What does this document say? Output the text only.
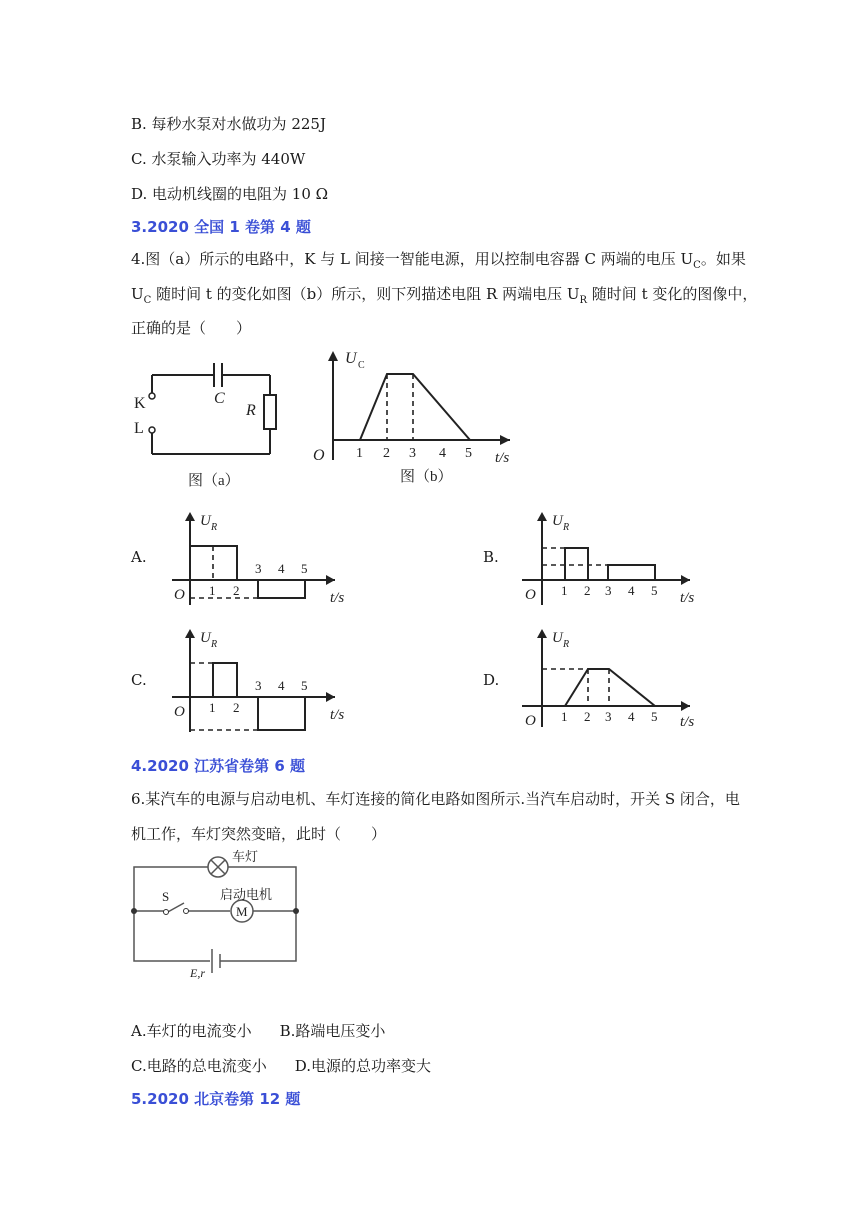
B. 每秒水泵对水做功为 225J
C. 水泵输入功率为 440W
D. 电动机线圈的电阻为 10 Ω
3.2020 全国 1 卷第 4 题
4.图（a）所示的电路中，K 与 L 间接一智能电源，用以控制电容器 C 两端的电压 $U_C$。如果
$U_C$ 随时间 t 的变化如图（b）所示，则下列描述电阻 R 两端电压 $U_R$ 随时间 t 变化的图像中，
正确的是（　　）
K
L
C
R
图（a）
1 2 3 4 5
O
U C
t/s
图（b）
A.
1 2
3 4 5
O
U R
t/s
B.
1 2 3 4 5
O
U R
t/s
C.
1 2
3 4 5
O
U R
t/s
D.
1 2 3 4 5
O
U R
t/s
4.2020 江苏省卷第 6 题
6.某汽车的电源与启动电机、车灯连接的简化电路如图所示.当汽车启动时，开关 S 闭合，电
机工作，车灯突然变暗，此时（　　）
车灯
S	启动电机
M
E,r
A.车灯的电流变小 B.路端电压变小
C.电路的总电流变小 D.电源的总功率变大
5.2020 北京卷第 12 题
